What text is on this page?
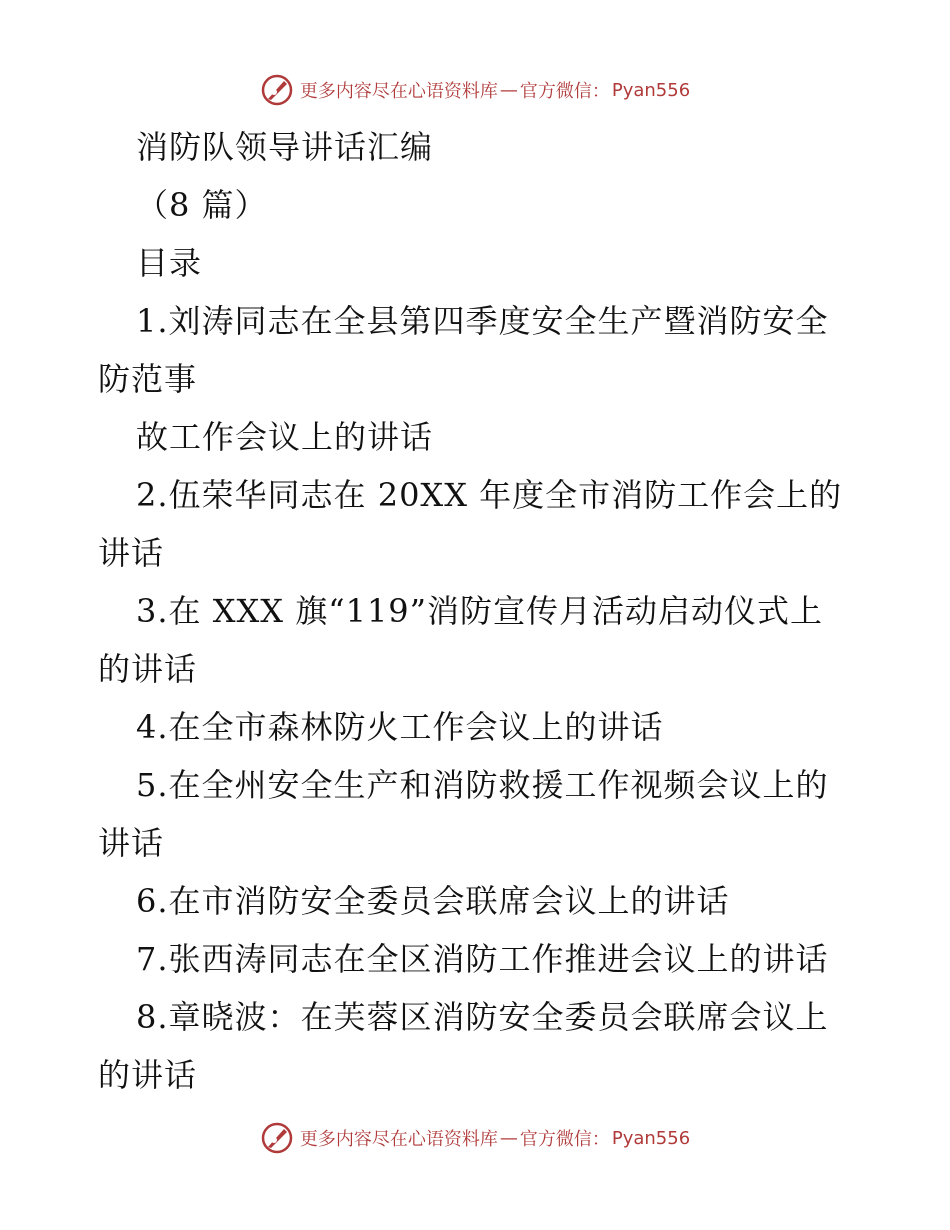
更多内容尽在心语资料库 — 官方微信： Pyan556
消防队领导讲话汇编
（8 篇）
目录
1.刘涛同志在全县第四季度安全生产暨消防安全
防范事
故工作会议上的讲话
2.伍荣华同志在 20XX 年度全市消防工作会上的
讲话
3.在 XXX 旗“119”消防宣传月活动启动仪式上
的讲话
4.在全市森林防火工作会议上的讲话
5.在全州安全生产和消防救援工作视频会议上的
讲话
6.在市消防安全委员会联席会议上的讲话
7.张西涛同志在全区消防工作推进会议上的讲话
8.章晓波：在芙蓉区消防安全委员会联席会议上
的讲话
更多内容尽在心语资料库 — 官方微信： Pyan556
